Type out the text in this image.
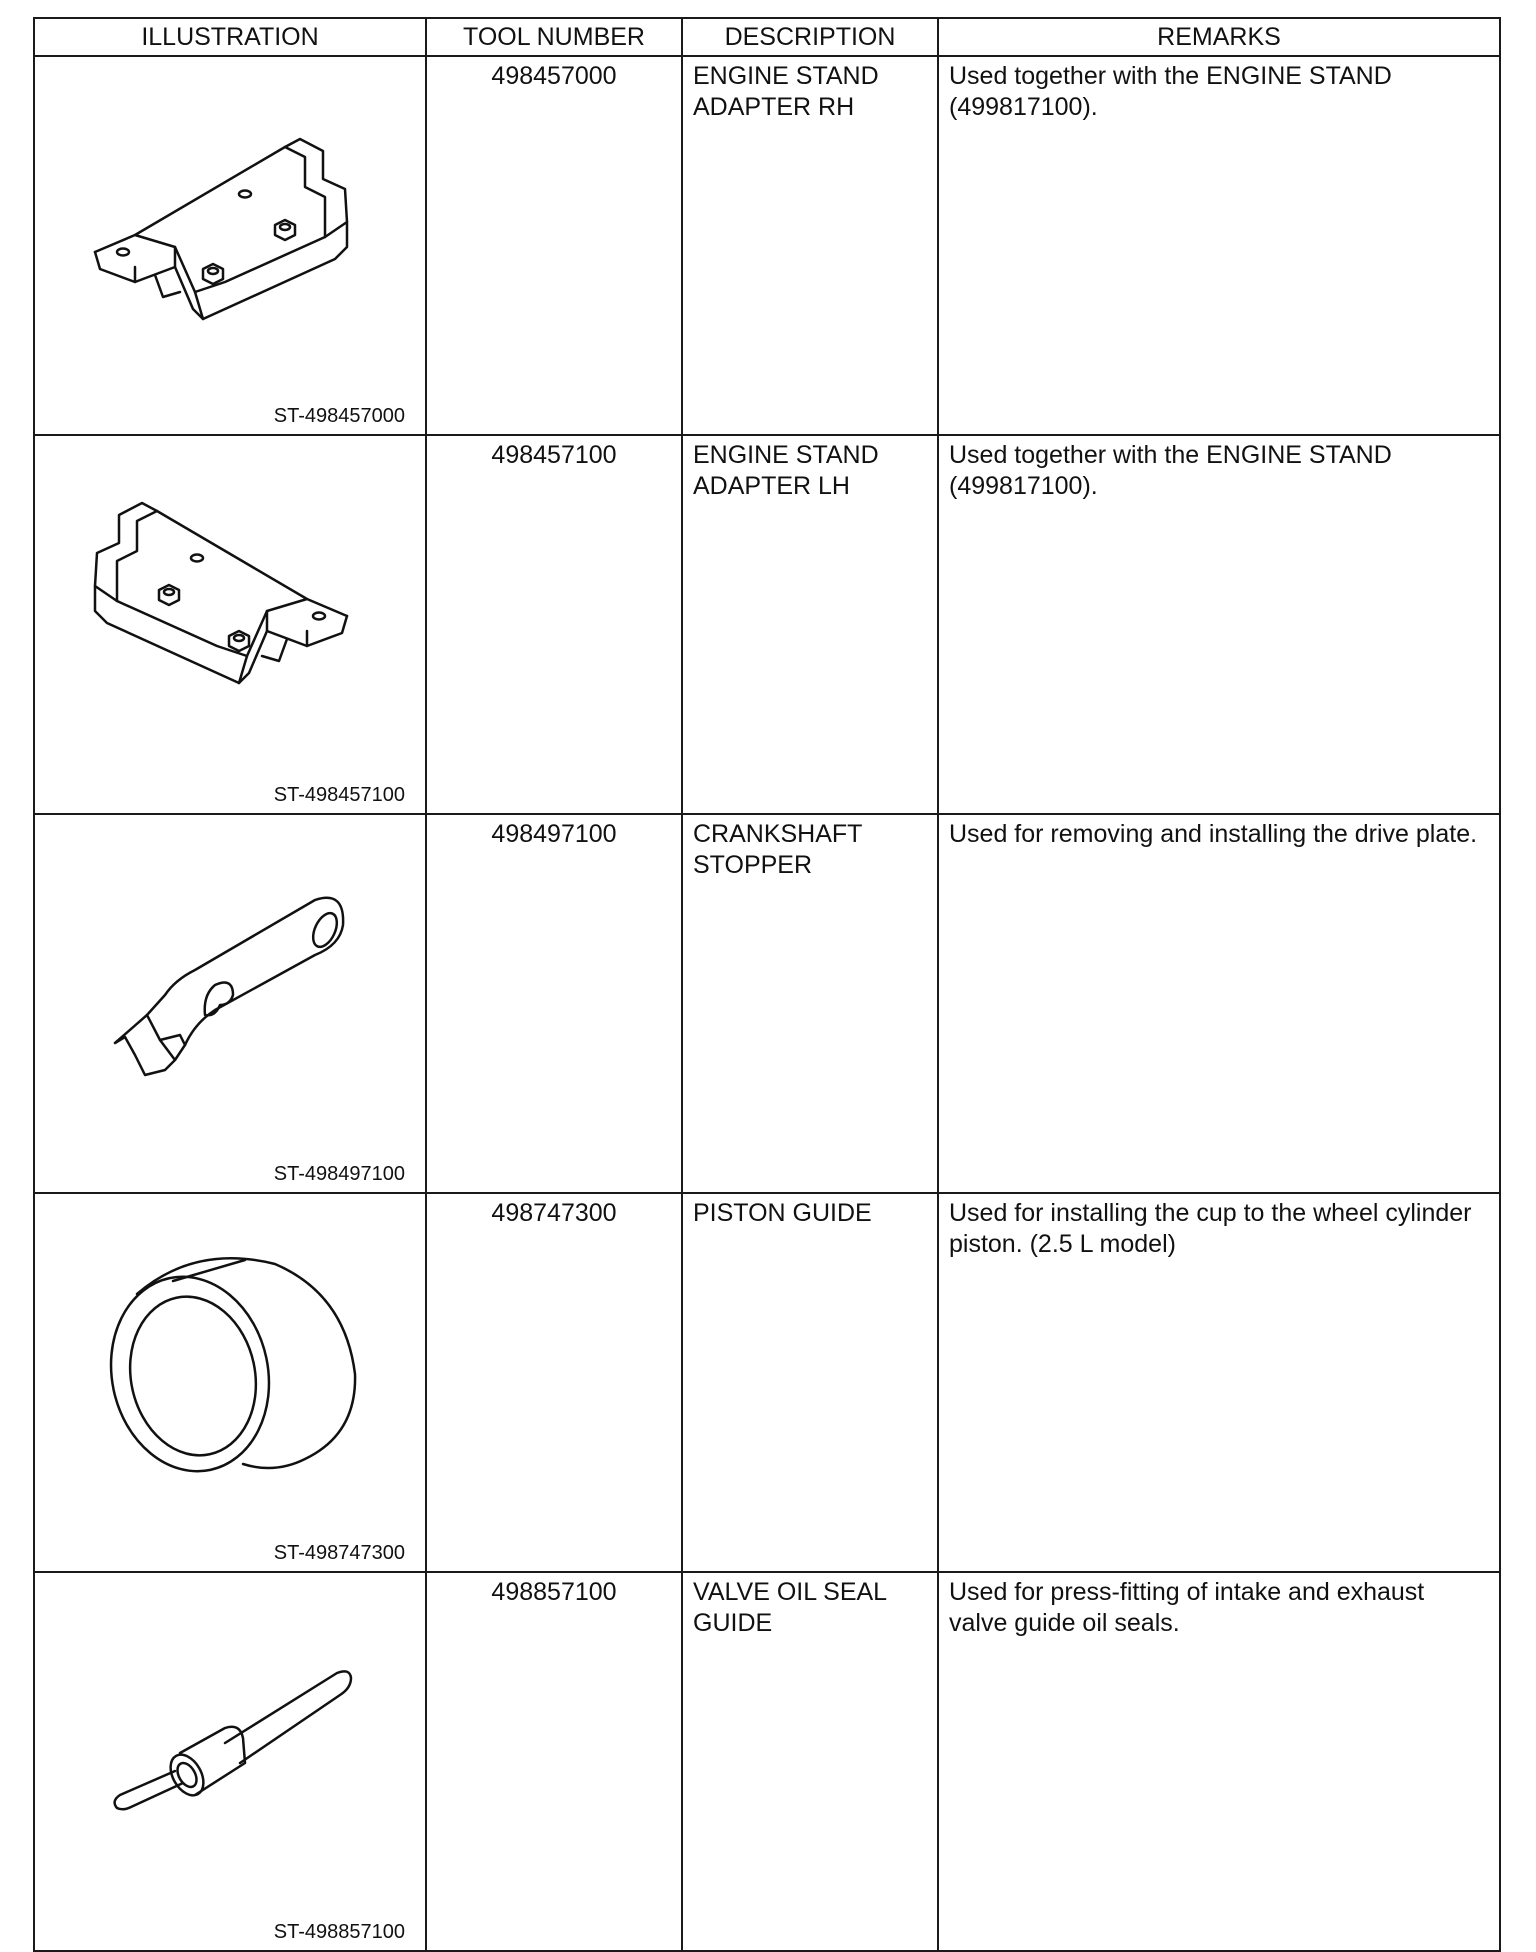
ILLUSTRATION	TOOL NUMBER	DESCRIPTION	REMARKS

ST-498457000	498457000	ENGINE STAND ADAPTER RH	Used together with the ENGINE STAND (499817100).

ST-498457100	498457100	ENGINE STAND ADAPTER LH	Used together with the ENGINE STAND (499817100).

ST-498497100	498497100	CRANKSHAFT STOPPER	Used for removing and installing the drive plate.

ST-498747300	498747300	PISTON GUIDE	Used for installing the cup to the wheel cylinder piston. (2.5 L model)

ST-498857100	498857100	VALVE OIL SEAL GUIDE	Used for press-fitting of intake and exhaust valve guide oil seals.
